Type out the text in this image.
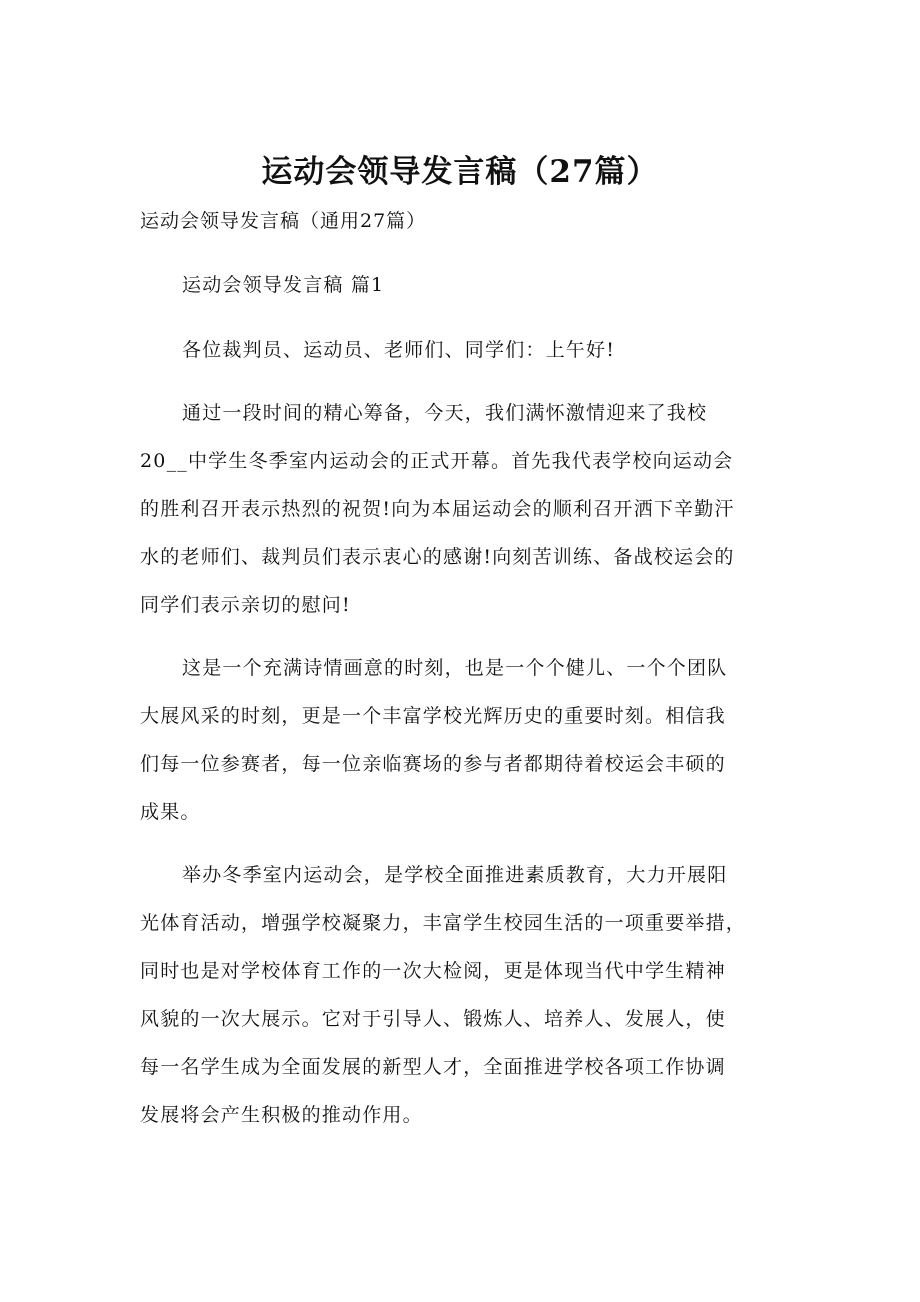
运动会领导发言稿（27篇）
运动会领导发言稿（通用27篇）
运动会领导发言稿 篇1
各位裁判员、运动员、老师们、同学们：上午好!
通过一段时间的精心筹备，今天，我们满怀激情迎来了我校
20__中学生冬季室内运动会的正式开幕。首先我代表学校向运动会
的胜利召开表示热烈的祝贺!向为本届运动会的顺利召开洒下辛勤汗
水的老师们、裁判员们表示衷心的感谢!向刻苦训练、备战校运会的
同学们表示亲切的慰问!
这是一个充满诗情画意的时刻，也是一个个健儿、一个个团队
大展风采的时刻，更是一个丰富学校光辉历史的重要时刻。相信我
们每一位参赛者，每一位亲临赛场的参与者都期待着校运会丰硕的
成果。
举办冬季室内运动会，是学校全面推进素质教育，大力开展阳
光体育活动，增强学校凝聚力，丰富学生校园生活的一项重要举措，
同时也是对学校体育工作的一次大检阅，更是体现当代中学生精神
风貌的一次大展示。它对于引导人、锻炼人、培养人、发展人，使
每一名学生成为全面发展的新型人才，全面推进学校各项工作协调
发展将会产生积极的推动作用。
